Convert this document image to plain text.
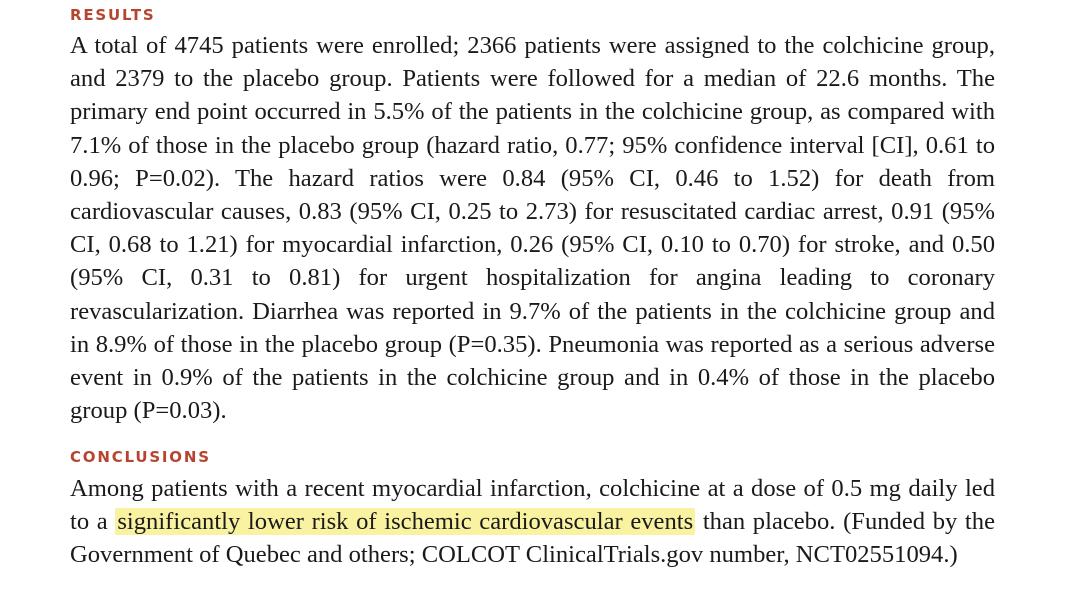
RESULTS

A total of 4745 patients were enrolled; 2366 patients were assigned to the colchicine group, and 2379 to the placebo group. Patients were followed for a median of 22.6 months. The primary end point occurred in 5.5% of the patients in the colchicine group, as compared with 7.1% of those in the placebo group (hazard ratio, 0.77; 95% confidence interval [CI], 0.61 to 0.96; P=0.02). The hazard ratios were 0.84 (95% CI, 0.46 to 1.52) for death from cardiovascular causes, 0.83 (95% CI, 0.25 to 2.73) for resuscitated cardiac arrest, 0.91 (95% CI, 0.68 to 1.21) for myocardial infarction, 0.26 (95% CI, 0.10 to 0.70) for stroke, and 0.50 (95% CI, 0.31 to 0.81) for urgent hospitalization for angina leading to coronary revascularization. Diarrhea was reported in 9.7% of the patients in the colchicine group and in 8.9% of those in the placebo group (P=0.35). Pneumonia was reported as a serious adverse event in 0.9% of the patients in the colchicine group and in 0.4% of those in the placebo group (P=0.03).

CONCLUSIONS

Among patients with a recent myocardial infarction, colchicine at a dose of 0.5 mg daily led to a significantly lower risk of ischemic cardiovascular events than placebo. (Funded by the Government of Quebec and others; COLCOT ClinicalTrials.gov number, NCT02551094.)
